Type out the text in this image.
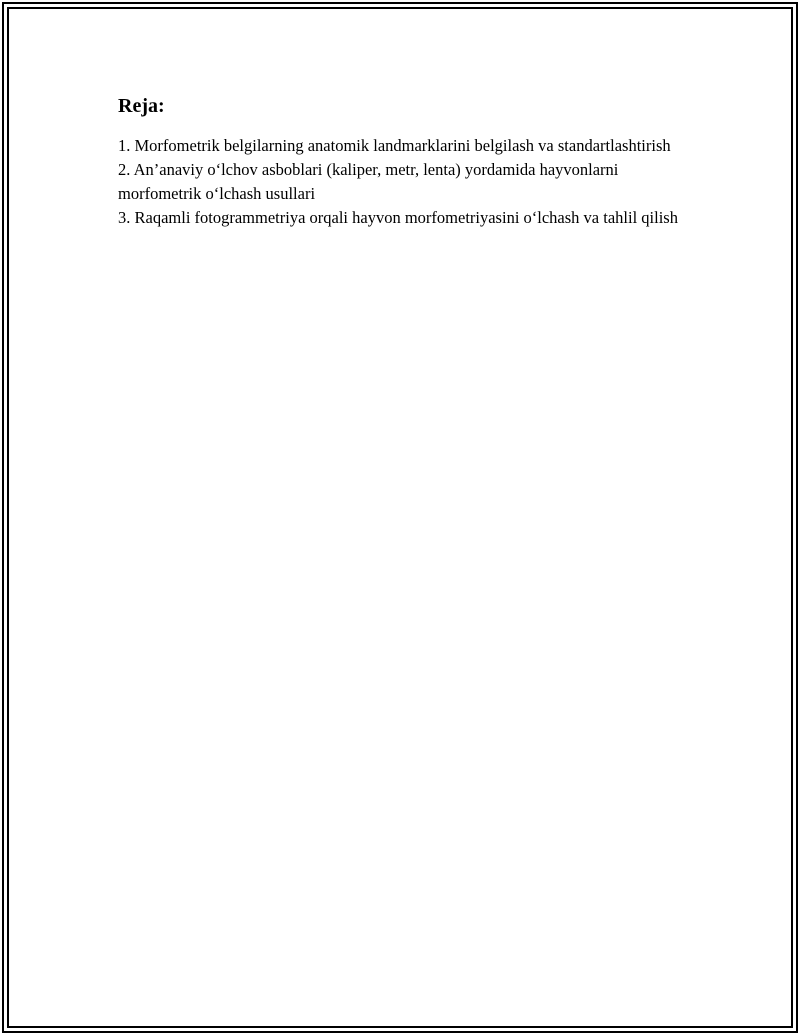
Reja:
1. Morfometrik belgilarning anatomik landmarklarini belgilash va standartlashtirish
2. An’anaviy o‘lchov asboblari (kaliper, metr, lenta) yordamida hayvonlarni morfometrik o‘lchash usullari
3. Raqamli fotogrammetriya orqali hayvon morfometriyasini o‘lchash va tahlil qilish
